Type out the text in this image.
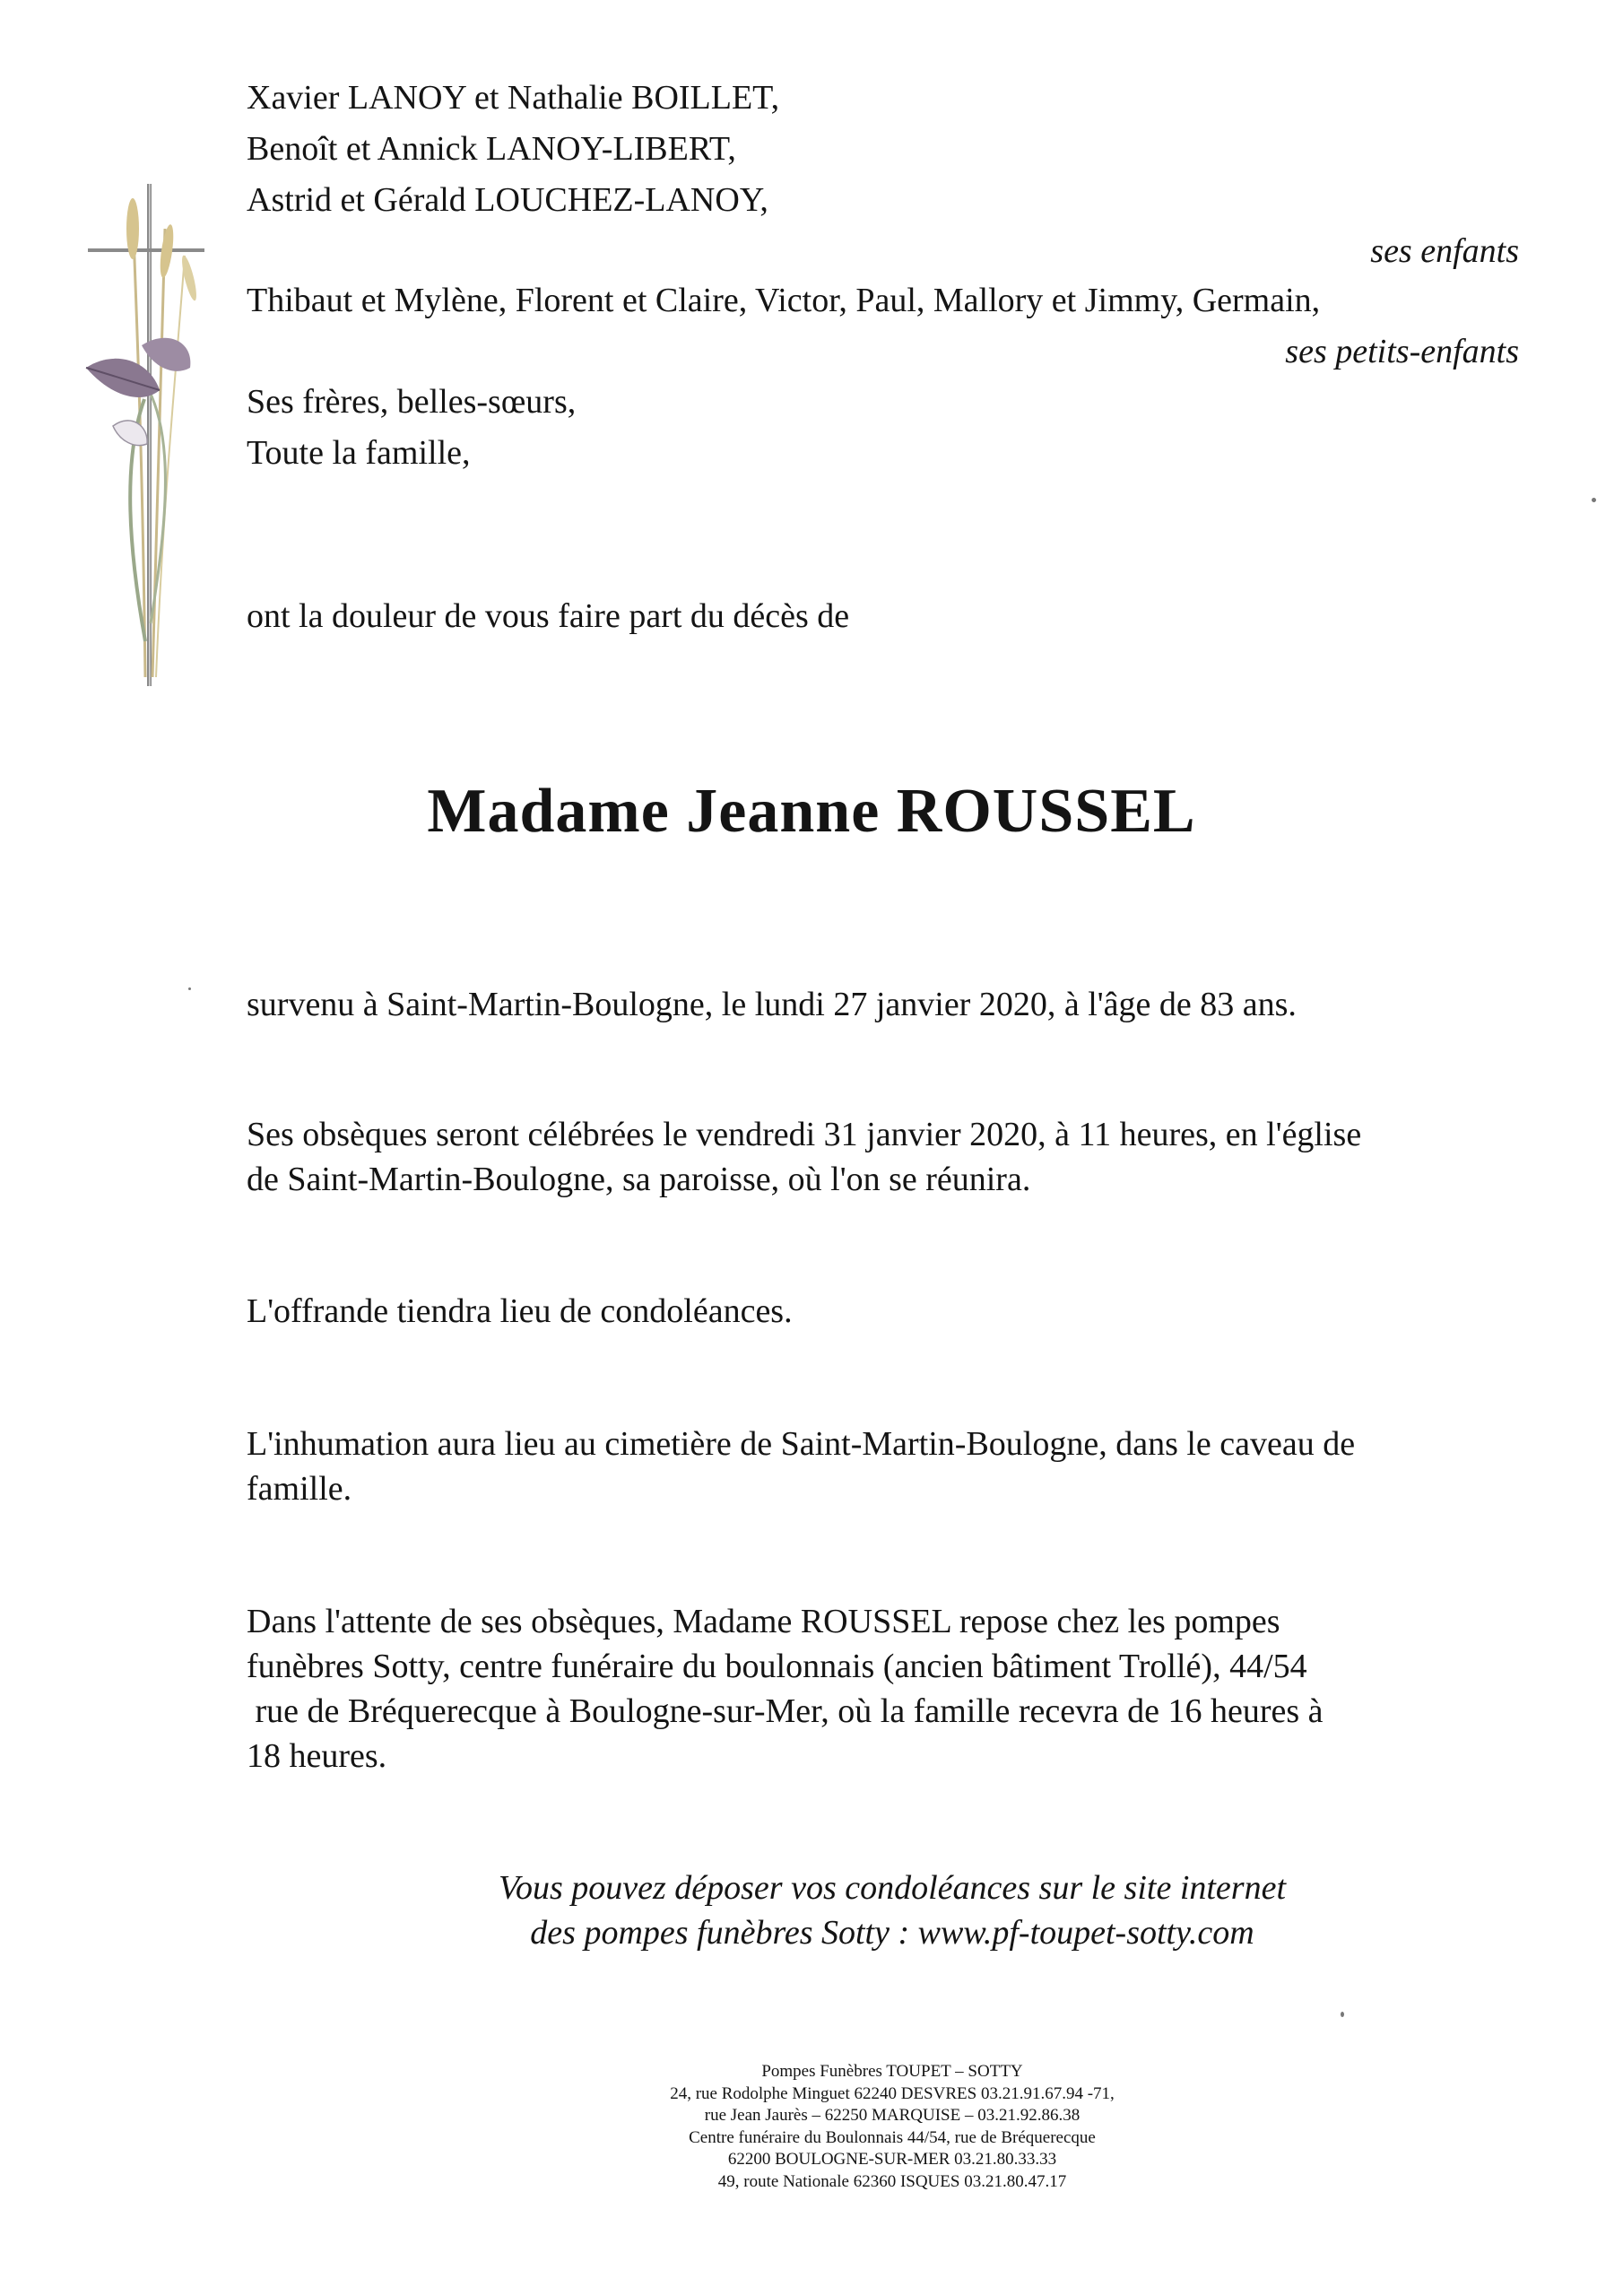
Xavier LANOY et Nathalie BOILLET,

Benoît et Annick LANOY-LIBERT,

Astrid et Gérald LOUCHEZ-LANOY,

ses enfants

Thibaut et Mylène, Florent et Claire, Victor, Paul, Mallory et Jimmy, Germain,

ses petits-enfants

Ses frères, belles-sœurs,

Toute la famille,

ont la douleur de vous faire part du décès de

Madame Jeanne ROUSSEL

survenu à Saint-Martin-Boulogne, le lundi 27 janvier 2020, à l'âge de 83 ans.

Ses obsèques seront célébrées le vendredi 31 janvier 2020, à 11 heures, en l'église

de Saint-Martin-Boulogne, sa paroisse, où l'on se réunira.

L'offrande tiendra lieu de condoléances.

L'inhumation aura lieu au cimetière de Saint-Martin-Boulogne, dans le caveau de

famille.

Dans l'attente de ses obsèques, Madame ROUSSEL repose chez les pompes

funèbres Sotty, centre funéraire du boulonnais (ancien bâtiment Trollé), 44/54

rue de Bréquerecque à Boulogne-sur-Mer, où la famille recevra de 16 heures à

18 heures.

Vous pouvez déposer vos condoléances sur le site internet

des pompes funèbres Sotty : www.pf-toupet-sotty.com

Pompes Funèbres TOUPET – SOTTY

24, rue Rodolphe Minguet 62240 DESVRES 03.21.91.67.94 -71,

rue Jean Jaurès – 62250 MARQUISE – 03.21.92.86.38

Centre funéraire du Boulonnais 44/54, rue de Bréquerecque

62200 BOULOGNE-SUR-MER 03.21.80.33.33

49, route Nationale 62360 ISQUES 03.21.80.47.17
